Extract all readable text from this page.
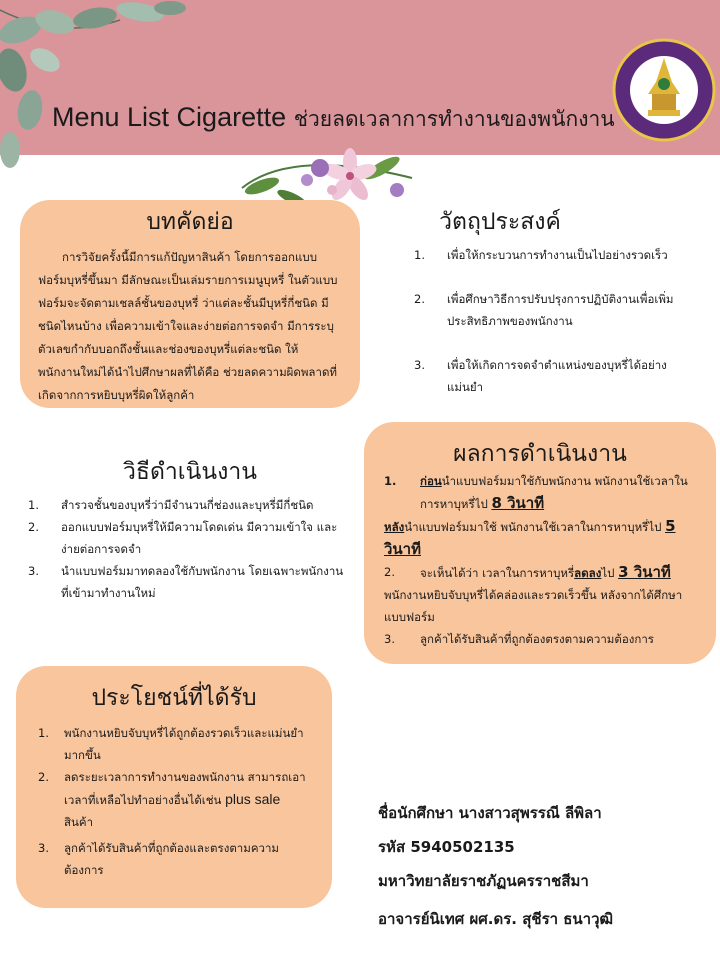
Menu List Cigarette ช่วยลดเวลาการทำงานของพนักงาน
บทคัดย่อ
การวิจัยครั้งนี้มีการแก้ปัญหาสินค้า โดยการออกแบบฟอร์มบุหรี่ขึ้นมา มีลักษณะเป็นเล่มรายการเมนูบุหรี่ ในตัวแบบฟอร์มจะจัดตามเชลล์ชั้นของบุหรี่ ว่าแต่ละชั้นมีบุหรี่กี่ชนิด มีชนิดไหนบ้าง เพื่อความเข้าใจและง่ายต่อการจดจำ มีการระบุตัวเลขกำกับบอกถึงชั้นและช่องของบุหรี่แต่ละชนิด ให้พนักงานใหม่ได้นำไปศึกษาผลที่ได้คือ ช่วยลดความผิดพลาดที่เกิดจากการหยิบบุหรี่ผิดให้ลูกค้า
วัตถุประสงค์
1. เพื่อให้กระบวนการทำงานเป็นไปอย่างรวดเร็ว
2. เพื่อศึกษาวิธีการปรับปรุงการปฏิบัติงานเพื่อเพิ่มประสิทธิภาพของพนักงาน
3. เพื่อให้เกิดการจดจำตำแหน่งของบุหรี่ได้อย่างแม่นยำ
วิธีดำเนินงาน
1. สำรวจชั้นของบุหรี่ว่ามีจำนวนกี่ช่องและบุหรี่มีกี่ชนิด
2. ออกแบบฟอร์มบุหรี่ให้มีความโดดเด่น มีความเข้าใจ และง่ายต่อการจดจำ
3. นำแบบฟอร์มมาทดลองใช้กับพนักงาน โดยเฉพาะพนักงานที่เข้ามาทำงานใหม่
ผลการดำเนินงาน
1. ก่อนนำแบบฟอร์มมาใช้กับพนักงาน พนักงานใช้เวลาในการหาบุหรี่ไป 8 วินาที
หลังนำแบบฟอร์มมาใช้ พนักงานใช้เวลาในการหาบุหรี่ไป 5 วินาที
2. จะเห็นได้ว่า เวลาในการหาบุหรี่ลดลงไป 3 วินาที
พนักงานหยิบจับบุหรี่ได้คล่องและรวดเร็วขึ้น หลังจากได้ศึกษาแบบฟอร์ม
3. ลูกค้าได้รับสินค้าที่ถูกต้องตรงตามความต้องการ
ประโยชน์ที่ได้รับ
1. พนักงานหยิบจับบุหรี่ได้ถูกต้องรวดเร็วและแม่นยำมากขึ้น
2. ลดระยะเวลาการทำงานของพนักงาน สามารถเอาเวลาที่เหลือไปทำอย่างอื่นได้เช่น plus sale สินค้า
3. ลูกค้าได้รับสินค้าที่ถูกต้องและตรงตามความต้องการ
ชื่อนักศึกษา นางสาวสุพรรณี ลีพิลา
รหัส 5940502135
มหาวิทยาลัยราชภัฏนครราชสีมา
อาจารย์นิเทศ ผศ.ดร. สุชีรา ธนาวุฒิ
